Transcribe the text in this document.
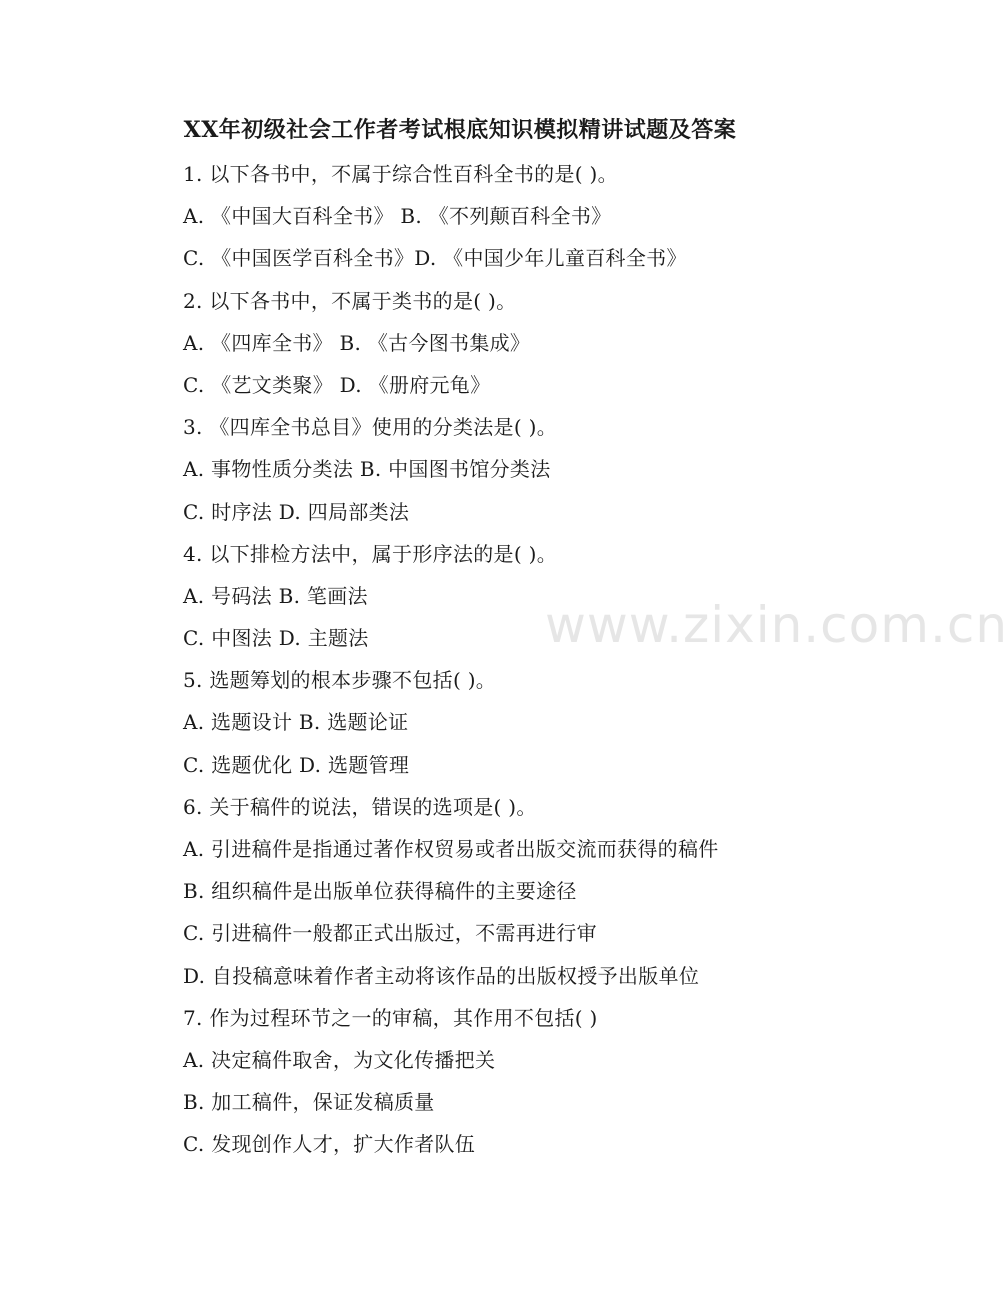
XX年初级社会工作者考试根底知识模拟精讲试题及答案
1. 以下各书中，不属于综合性百科全书的是( )。
A. 《中国大百科全书》 B. 《不列颠百科全书》
C. 《中国医学百科全书》D. 《中国少年儿童百科全书》
2. 以下各书中，不属于类书的是( )。
A. 《四库全书》 B. 《古今图书集成》
C. 《艺文类聚》 D. 《册府元龟》
3. 《四库全书总目》使用的分类法是( )。
A. 事物性质分类法 B. 中国图书馆分类法
C. 时序法 D. 四局部类法
4. 以下排检方法中，属于形序法的是( )。
A. 号码法 B. 笔画法
C. 中图法 D. 主题法
5. 选题筹划的根本步骤不包括( )。
A. 选题设计 B. 选题论证
C. 选题优化 D. 选题管理
6. 关于稿件的说法，错误的选项是( )。
A. 引进稿件是指通过著作权贸易或者出版交流而获得的稿件
B. 组织稿件是出版单位获得稿件的主要途径
C. 引进稿件一般都正式出版过，不需再进行审
D. 自投稿意味着作者主动将该作品的出版权授予出版单位
7. 作为过程环节之一的审稿，其作用不包括( )
A. 决定稿件取舍，为文化传播把关
B. 加工稿件，保证发稿质量
C. 发现创作人才，扩大作者队伍
www.zixin.com.cn
